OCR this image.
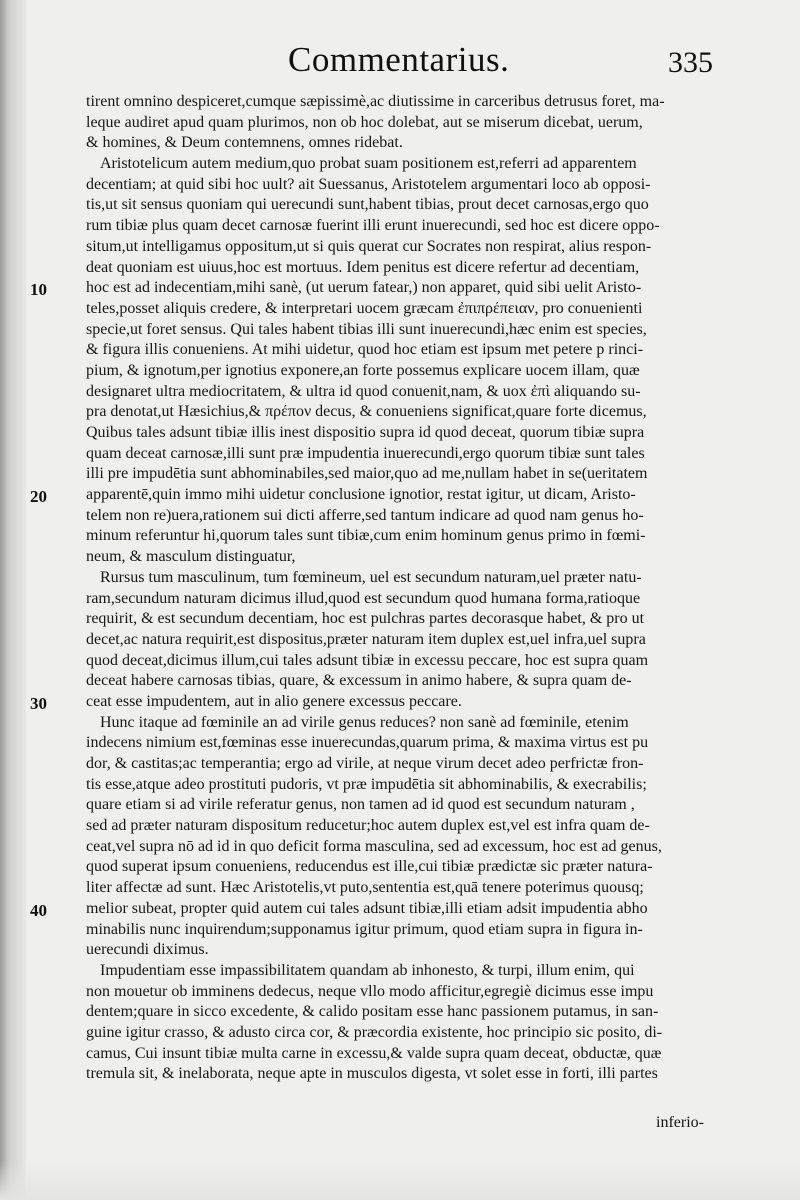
Commentarius.	335
tirent omnino despiceret,cumque sæpissimè,ac diutissime in carceribus detrusus foret, ma-
leque audiret apud quam plurimos, non ob hoc dolebat, aut se miserum dicebat, uerum,
& homines, & Deum contemnens, omnes ridebat.
Aristotelicum autem medium,quo probat suam positionem est,referri ad apparentem
decentiam; at quid sibi hoc uult? ait Suessanus, Aristotelem argumentari loco ab opposi-
tis,ut sit sensus quoniam qui uerecundi sunt,habent tibias, prout decet carnosas,ergo quo
rum tibiæ plus quam decet carnosæ fuerint illi erunt inuerecundi, sed hoc est dicere oppo-
situm,ut intelligamus oppositum,ut si quis querat cur Socrates non respirat, alius respon-
deat quoniam est uiuus,hoc est mortuus. Idem penitus est dicere refertur ad decentiam,
hoc est ad indecentiam,mihi sanè, (ut uerum fatear,) non apparet, quid sibi uelit Aristo-
teles,posset aliquis credere, & interpretari uocem græcam ἐπιπρέπειαν, pro conuenienti
specie,ut foret sensus. Qui tales habent tibias illi sunt inuerecundi,hæc enim est species,
& figura illis conueniens. At mihi uidetur, quod hoc etiam est ipsum met petere p rinci-
pium, & ignotum,per ignotius exponere,an forte possemus explicare uocem illam, quæ
designaret ultra mediocritatem, & ultra id quod conuenit,nam, & uox ἐπὶ aliquando su-
pra denotat,ut Hæsichius,& πρέπον decus, & conueniens significat,quare forte dicemus,
Quibus tales adsunt tibiæ illis inest dispositio supra id quod deceat, quorum tibiæ supra
quam deceat carnosæ,illi sunt præ impudentia inuerecundi,ergo quorum tibiæ sunt tales
illi pre impudētia sunt abhominabiles,sed maior,quo ad me,nullam habet in se(ueritatem
apparentē,quin immo mihi uidetur conclusione ignotior, restat igitur, ut dicam, Aristo-
telem non re)uera,rationem sui dicti afferre,sed tantum indicare ad quod nam genus ho-
minum referuntur hi,quorum tales sunt tibiæ,cum enim hominum genus primo in fœmi-
neum, & masculum distinguatur,
Rursus tum masculinum, tum fœmineum, uel est secundum naturam,uel præter natu-
ram,secundum naturam dicimus illud,quod est secundum quod humana forma,ratioque
requirit, & est secundum decentiam, hoc est pulchras partes decorasque habet, & pro ut
decet,ac natura requirit,est dispositus,præter naturam item duplex est,uel infra,uel supra
quod deceat,dicimus illum,cui tales adsunt tibiæ in excessu peccare, hoc est supra quam
deceat habere carnosas tibias, quare, & excessum in animo habere, & supra quam de-
ceat esse impudentem, aut in alio genere excessus peccare.
Hunc itaque ad fœminile an ad virile genus reduces? non sanè ad fœminile, etenim
indecens nimium est,fœminas esse inuerecundas,quarum prima, & maxima virtus est pu
dor, & castitas;ac temperantia; ergo ad virile, at neque virum decet adeo perfrictæ fron-
tis esse,atque adeo prostituti pudoris, vt præ impudētia sit abhominabilis, & execrabilis;
quare etiam si ad virile referatur genus, non tamen ad id quod est secundum naturam ,
sed ad præter naturam dispositum reducetur;hoc autem duplex est,vel est infra quam de-
ceat,vel supra nō ad id in quo deficit forma masculina, sed ad excessum, hoc est ad genus,
quod superat ipsum conueniens, reducendus est ille,cui tibiæ prædictæ sic præter natura-
liter affectæ ad sunt. Hæc Aristotelis,vt puto,sententia est,quā tenere poterimus quousq;
melior subeat, propter quid autem cui tales adsunt tibiæ,illi etiam adsit impudentia abho
minabilis nunc inquirendum;supponamus igitur primum, quod etiam supra in figura in-
uerecundi diximus.
Impudentiam esse impassibilitatem quandam ab inhonesto, & turpi, illum enim, qui
non mouetur ob imminens dedecus, neque vllo modo afficitur,egregiè dicimus esse impu
dentem;quare in sicco excedente, & calido positam esse hanc passionem putamus, in san-
guine igitur crasso, & adusto circa cor, & præcordia existente, hoc principio sic posito, di-
camus, Cui insunt tibiæ multa carne in excessu,& valde supra quam deceat, obductæ, quæ
tremula sit, & inelaborata, neque apte in musculos digesta, vt solet esse in forti, illi partes
10
20
30
40
inferio-
